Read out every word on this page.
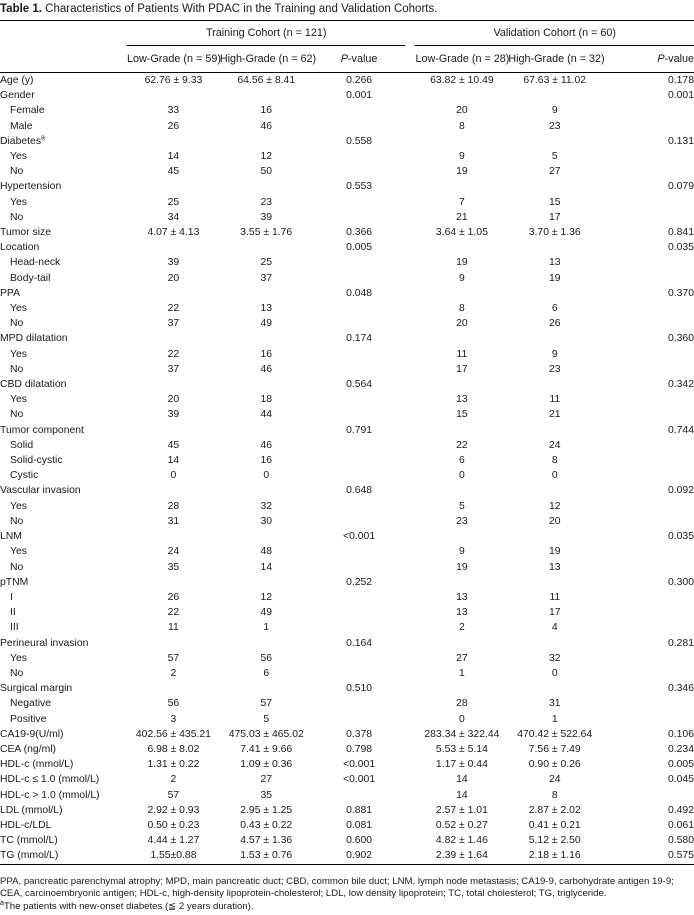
Table 1. Characteristics of Patients With PDAC in the Training and Validation Cohorts.
	Training Cohort (n = 121)				Validation Cohort (n = 60)		
	Low-Grade (n = 59)	High-Grade (n = 62)	P-value		Low-Grade (n = 28)	High-Grade (n = 32)	P-value
Age (y)	62.76 ± 9.33	64.56 ± 8.41	0.266		63.82 ± 10.49	67.63 ± 11.02	0.178
Gender			0.001				0.001
Female	33	16			20	9	
Male	26	46			8	23	
Diabetes$^a$			0.558				0.131
Yes	14	12			9	5	
No	45	50			19	27	
Hypertension			0.553				0.079
Yes	25	23			7	15	
No	34	39			21	17	
Tumor size	4.07 ± 4.13	3.55 ± 1.76	0.366		3.64 ± 1.05	3.70 ± 1.36	0.841
Location			0.005				0.035
Head-neck	39	25			19	13	
Body-tail	20	37			9	19	
PPA			0.048				0.370
Yes	22	13			8	6	
No	37	49			20	26	
MPD dilatation			0.174				0.360
Yes	22	16			11	9	
No	37	46			17	23	
CBD dilatation			0.564				0.342
Yes	20	18			13	11	
No	39	44			15	21	
Tumor component			0.791				0.744
Solid	45	46			22	24	
Solid-cystic	14	16			6	8	
Cystic	0	0			0	0	
Vascular invasion			0.648				0.092
Yes	28	32			5	12	
No	31	30			23	20	
LNM			<0.001				0.035
Yes	24	48			9	19	
No	35	14			19	13	
pTNM			0.252				0.300
I	26	12			13	11	
II	22	49			13	17	
III	11	1			2	4	
Perineural invasion			0.164				0.281
Yes	57	56			27	32	
No	2	6			1	0	
Surgical margin			0.510				0.346
Negative	56	57			28	31	
Positive	3	5			0	1	
CA19-9(U/ml)	402.56 ± 435.21	475.03 ± 465.02	0.378		283.34 ± 322.44	470.42 ± 522.64	0.106
CEA (ng/ml)	6.98 ± 8.02	7.41 ± 9.66	0.798		5.53 ± 5.14	7.56 ± 7.49	0.234
HDL-c (mmol/L)	1.31 ± 0.22	1.09 ± 0.36	<0.001		1.17 ± 0.44	0.90 ± 0.26	0.005
HDL-c ≤ 1.0 (mmol/L)	2	27	<0.001		14	24	0.045
HDL-c > 1.0 (mmol/L)	57	35			14	8	
LDL (mmol/L)	2.92 ± 0.93	2.95 ± 1.25	0.881		2.57 ± 1.01	2.87 ± 2.02	0.492
HDL-c/LDL	0.50 ± 0.23	0.43 ± 0.22	0.081		0.52 ± 0.27	0.41 ± 0.21	0.061
TC (mmol/L)	4.44 ± 1.27	4.57 ± 1.36	0.600		4.82 ± 1.46	5.12 ± 2.50	0.580
TG (mmol/L)	1.55±0.88	1.53 ± 0.76	0.902		2.39 ± 1.64	2.18 ± 1.16	0.575

PPA, pancreatic parenchymal atrophy; MPD, main pancreatic duct; CBD, common bile duct; LNM, lymph node metastasis; CA19-9, carbohydrate antigen 19-9; CEA, carcinoembryonic antigen; HDL-c, high-density lipoprotein-cholesterol; LDL, low density lipoprotein; TC, total cholesterol; TG, triglyceride.

$^a$The patients with new-onset diabetes (≦ 2 years duration).
